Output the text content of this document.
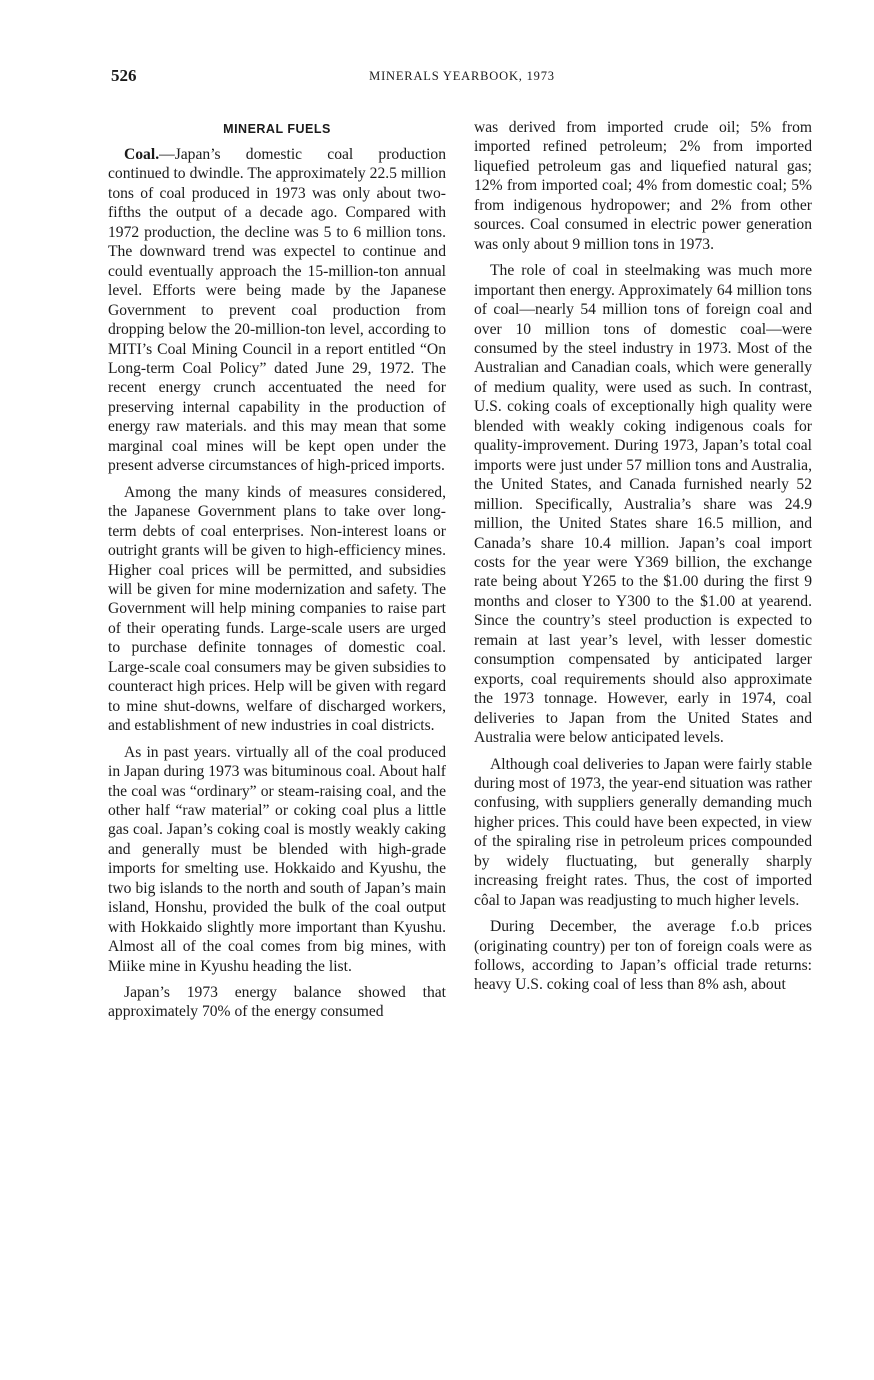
526	MINERALS YEARBOOK, 1973
MINERAL FUELS

Coal.—Japan’s domestic coal production continued to dwindle. The approximately 22.5 million tons of coal produced in 1973 was only about two-fifths the output of a decade ago. Compared with 1972 production, the decline was 5 to 6 million tons. The downward trend was expectel to continue and could eventually approach the 15-million-ton annual level. Efforts were being made by the Japanese Government to prevent coal production from dropping below the 20-million-ton level, according to MITI’s Coal Mining Council in a report entitled “On Long-term Coal Policy” dated June 29, 1972. The recent energy crunch accentuated the need for preserving internal capability in the production of energy raw materials. and this may mean that some marginal coal mines will be kept open under the present adverse circumstances of high-priced imports.

Among the many kinds of measures considered, the Japanese Government plans to take over long-term debts of coal enterprises. Non-interest loans or outright grants will be given to high-efficiency mines. Higher coal prices will be permitted, and subsidies will be given for mine modernization and safety. The Government will help mining companies to raise part of their operating funds. Large-scale users are urged to purchase definite tonnages of domestic coal. Large-scale coal consumers may be given subsidies to counteract high prices. Help will be given with regard to mine shut-downs, welfare of discharged workers, and establishment of new industries in coal districts.

As in past years. virtually all of the coal produced in Japan during 1973 was bituminous coal. About half the coal was “ordinary” or steam-raising coal, and the other half “raw material” or coking coal plus a little gas coal. Japan’s coking coal is mostly weakly caking and generally must be blended with high-grade imports for smelting use. Hokkaido and Kyushu, the two big islands to the north and south of Japan’s main island, Honshu, provided the bulk of the coal output with Hokkaido slightly more important than Kyushu. Almost all of the coal comes from big mines, with Miike mine in Kyushu heading the list.

Japan’s 1973 energy balance showed that approximately 70% of the energy consumed

was derived from imported crude oil; 5% from imported refined petroleum; 2% from imported liquefied petroleum gas and liquefied natural gas; 12% from imported coal; 4% from domestic coal; 5% from indigenous hydropower; and 2% from other sources. Coal consumed in electric power generation was only about 9 million tons in 1973.

The role of coal in steelmaking was much more important then energy. Approximately 64 million tons of coal—nearly 54 million tons of foreign coal and over 10 million tons of domestic coal—were consumed by the steel industry in 1973. Most of the Australian and Canadian coals, which were generally of medium quality, were used as such. In contrast, U.S. coking coals of exceptionally high quality were blended with weakly coking indigenous coals for quality-improvement. During 1973, Japan’s total coal imports were just under 57 million tons and Australia, the United States, and Canada furnished nearly 52 million. Specifically, Australia’s share was 24.9 million, the United States share 16.5 million, and Canada’s share 10.4 million. Japan’s coal import costs for the year were Y369 billion, the exchange rate being about Y265 to the $1.00 during the first 9 months and closer to Y300 to the $1.00 at yearend. Since the country’s steel production is expected to remain at last year’s level, with lesser domestic consumption compensated by anticipated larger exports, coal requirements should also approximate the 1973 tonnage. However, early in 1974, coal deliveries to Japan from the United States and Australia were below anticipated levels.

Although coal deliveries to Japan were fairly stable during most of 1973, the year-end situation was rather confusing, with suppliers generally demanding much higher prices. This could have been expected, in view of the spiraling rise in petroleum prices compounded by widely fluctuating, but generally sharply increasing freight rates. Thus, the cost of imported côal to Japan was readjusting to much higher levels.

During December, the average f.o.b prices (originating country) per ton of foreign coals were as follows, according to Japan’s official trade returns: heavy U.S. coking coal of less than 8% ash, about
